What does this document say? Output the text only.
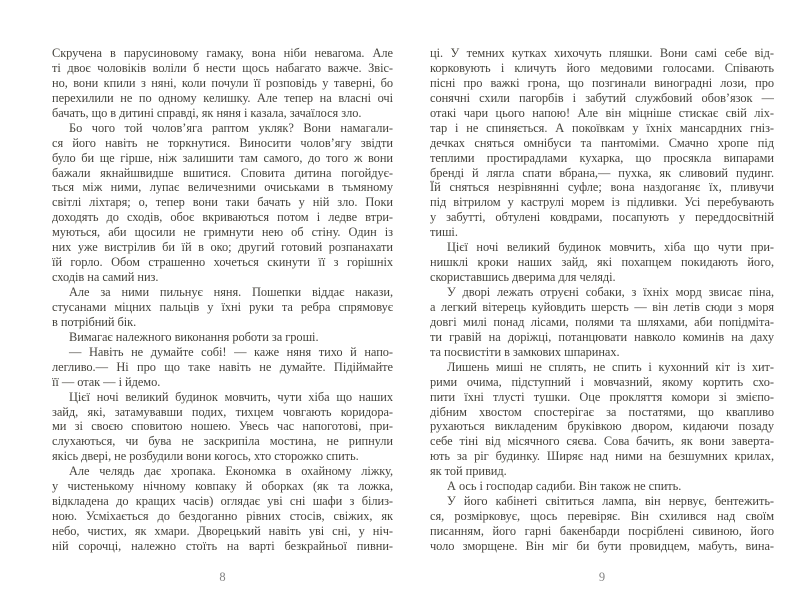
Скручена в парусиновому гамаку, вона ніби невагома. Але
ті двоє чоловіків воліли б нести щось набагато важче. Звіс-
но, вони кпили з няні, коли почули її розповідь у таверні, бо
перехилили не по одному келишку. Але тепер на власні очі
бачать, що в дитині справді, як няня і казала, зачаїлося зло.
Бо чого той чолов’яга раптом укляк? Вони намагали-
ся його навіть не торкнутися. Виносити чолов’ягу звідти
було би ще гірше, ніж залишити там самого, до того ж вони
бажали якнайшвидше вшитися. Сповита дитина погойдує-
ться між ними, лупає величезними очиськами в тьмяному
світлі ліхтаря; о, тепер вони таки бачать у ній зло. Поки
доходять до сходів, обоє вкриваються потом і ледве втри-
муються, аби щосили не гримнути нею об стіну. Один із
них уже вистрілив би їй в око; другий готовий розпанахати
їй горло. Обом страшенно хочеться скинути її з горішніх
сходів на самий низ.
Але за ними пильнує няня. Пошепки віддає накази,
стусанами міцних пальців у їхні руки та ребра спрямовує
в потрібний бік.
Вимагає належного виконання роботи за гроші.
— Навіть не думайте собі! — каже няня тихо й напо-
легливо.— Ні про що таке навіть не думайте. Підіймайте
її — отак — і йдемо.
Цієї ночі великий будинок мовчить, чути хіба що наших
зайд, які, затамувавши подих, тихцем човгають коридора-
ми зі своєю сповитою ношею. Увесь час напоготові, при-
слухаються, чи бува не заскрипіла мостина, не рипнули
якісь двері, не розбудили вони когось, хто сторожко спить.
Але челядь дає хропака. Економка в охайному ліжку,
у чистенькому нічному ковпаку й оборках (як та ложка,
відкладена до кращих часів) оглядає уві сні шафи з білиз-
ною. Усміхається до бездоганно рівних стосів, свіжих, як
небо, чистих, як хмари. Дворецький навіть уві сні, у ніч-
ній сорочці, належно стоїть на варті безкрайньої пивни-
8
ці. У темних кутках хихочуть пляшки. Вони самі себе від-
корковують і кличуть його медовими голосами. Співають
пісні про важкі грона, що позгинали виноградні лози, про
сонячні схили пагорбів і забутий службовий обов’язок —
отакі чари цього напою! Але він міцніше стискає свій ліх-
тар і не спиняється. А покоївкам у їхніх мансардних гніз-
дечках сняться омнібуси та пантоміми. Смачно хропе під
теплими простирадлами кухарка, що просякла випарами
бренді й лягла спати вбрана,— пухка, як сливовий пудинг.
Їй сняться незрівнянні суфле; вона наздоганяє їх, пливучи
під вітрилом у каструлі морем із підливки. Усі перебувають
у забутті, обтулені ковдрами, посапують у переддосвітній
тиші.
Цієї ночі великий будинок мовчить, хіба що чути при-
нишклі кроки наших зайд, які похапцем покидають його,
скориставшись дверима для челяді.
У дворі лежать отруєні собаки, з їхніх морд звисає піна,
а легкий вітерець куйовдить шерсть — він летів сюди з моря
довгі милі понад лісами, полями та шляхами, аби попідміта-
ти гравій на доріжці, потанцювати навколо коминів на даху
та посвистіти в замкових шпаринах.
Лишень миші не сплять, не спить і кухонний кіт із хит-
рими очима, підступний і мовчазний, якому кортить схо-
пити їхні тлусті тушки. Оце прокляття комори зі змієпо-
дібним хвостом спостерігає за постатями, що квапливо
рухаються викладеним бруківкою двором, кидаючи позаду
себе тіні від місячного сяєва. Сова бачить, як вони заверта-
ють за ріг будинку. Ширяє над ними на безшумних крилах,
як той привид.
А ось і господар садиби. Він також не спить.
У його кабінеті світиться лампа, він нервує, бентежить-
ся, розмірковує, щось перевіряє. Він схилився над своїм
писанням, його гарні бакенбарди посріблені сивиною, його
чоло зморщене. Він міг би бути провидцем, мабуть, вина-
9
